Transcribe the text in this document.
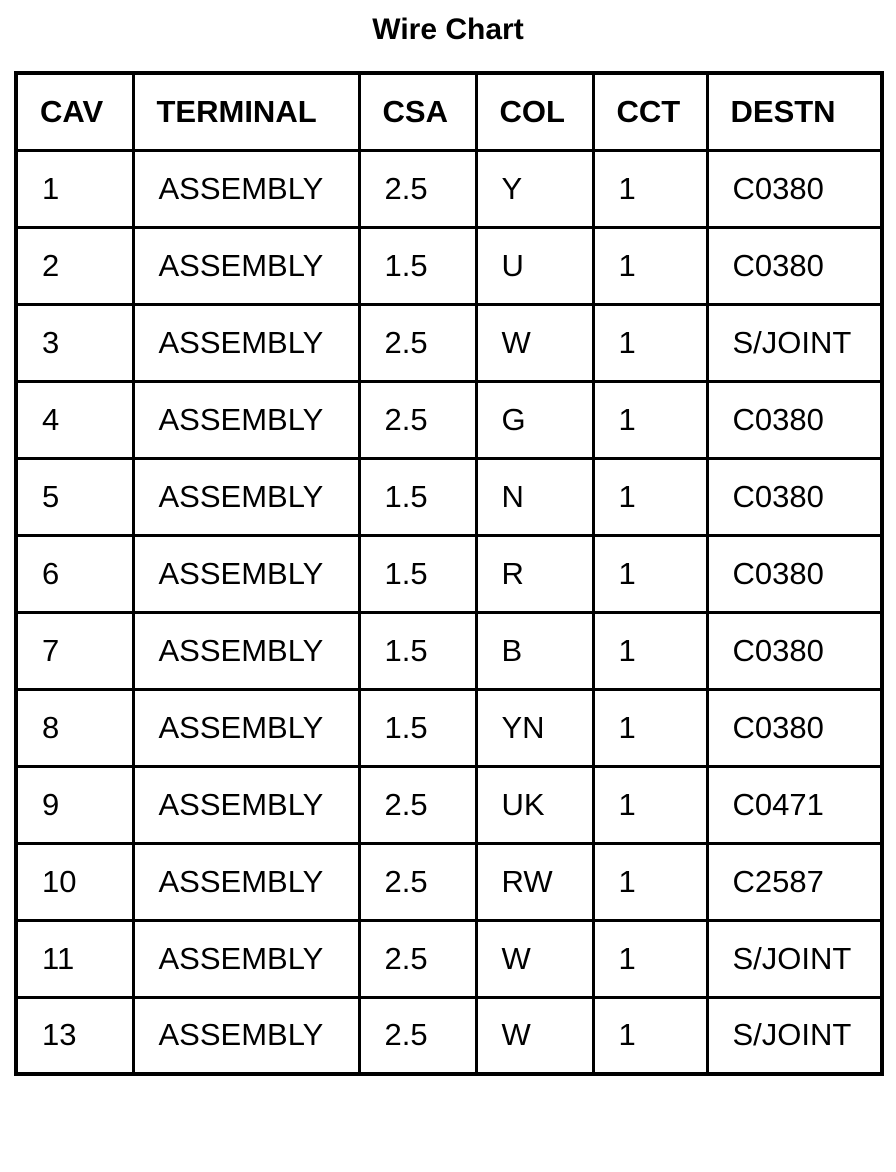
Wire Chart
CAV	TERMINAL	CSA	COL	CCT	DESTN
1	ASSEMBLY	2.5	Y	1	C0380
2	ASSEMBLY	1.5	U	1	C0380
3	ASSEMBLY	2.5	W	1	S/JOINT
4	ASSEMBLY	2.5	G	1	C0380
5	ASSEMBLY	1.5	N	1	C0380
6	ASSEMBLY	1.5	R	1	C0380
7	ASSEMBLY	1.5	B	1	C0380
8	ASSEMBLY	1.5	YN	1	C0380
9	ASSEMBLY	2.5	UK	1	C0471
10	ASSEMBLY	2.5	RW	1	C2587
11	ASSEMBLY	2.5	W	1	S/JOINT
13	ASSEMBLY	2.5	W	1	S/JOINT
